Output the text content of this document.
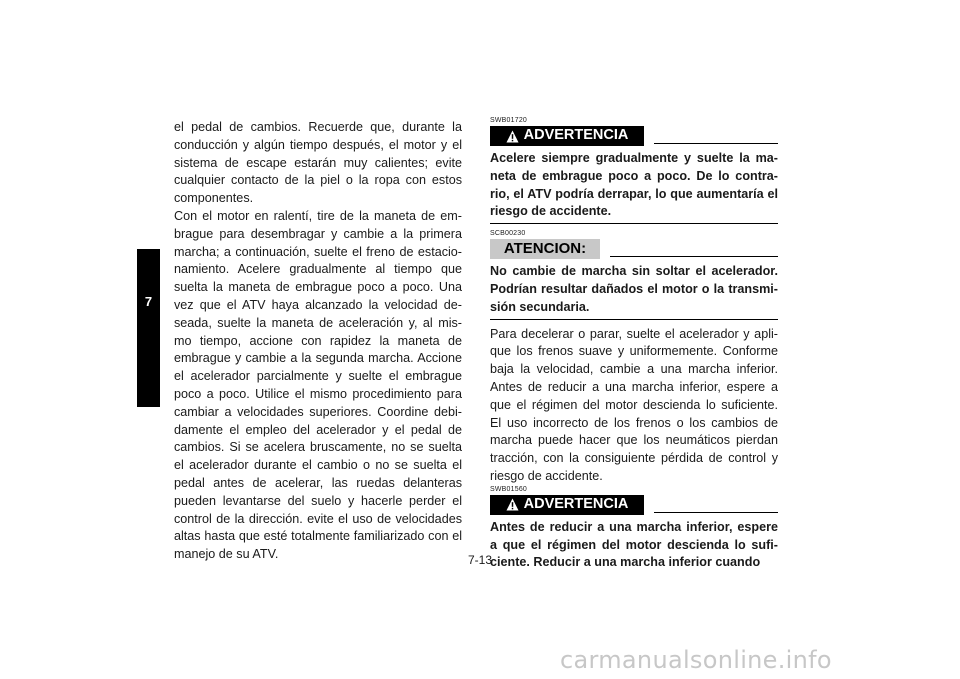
7

el pedal de cambios. Recuerde que, durante la conducción y algún tiempo después, el motor y el sistema de escape estarán muy calientes; evite cualquier contacto de la piel o la ropa con estos componentes.

Con el motor en ralentí, tire de la maneta de em-brague para desembragar y cambie a la primera marcha; a continuación, suelte el freno de estacio-namiento. Acelere gradualmente al tiempo que suelta la maneta de embrague poco a poco. Una vez que el ATV haya alcanzado la velocidad de-seada, suelte la maneta de aceleración y, al mis-mo tiempo, accione con rapidez la maneta de embrague y cambie a la segunda marcha. Accione el acelerador parcialmente y suelte el embrague poco a poco. Utilice el mismo procedimiento para cambiar a velocidades superiores. Coordine debi-damente el empleo del acelerador y el pedal de cambios. Si se acelera bruscamente, no se suelta el acelerador durante el cambio o no se suelta el pedal antes de acelerar, las ruedas delanteras pueden levantarse del suelo y hacerle perder el control de la dirección. evite el uso de velocidades altas hasta que esté totalmente familiarizado con el manejo de su ATV.

SWB01720
ADVERTENCIA

Acelere siempre gradualmente y suelte la ma-neta de embrague poco a poco. De lo contra-rio, el ATV podría derrapar, lo que aumentaría el riesgo de accidente.

SCB00230
ATENCION:

No cambie de marcha sin soltar el acelerador. Podrían resultar dañados el motor o la transmi-sión secundaria.

Para decelerar o parar, suelte el acelerador y apli-que los frenos suave y uniformemente. Conforme baja la velocidad, cambie a una marcha inferior. Antes de reducir a una marcha inferior, espere a que el régimen del motor descienda lo suficiente. El uso incorrecto de los frenos o los cambios de marcha puede hacer que los neumáticos pierdan tracción, con la consiguiente pérdida de control y riesgo de accidente.

SWB01560
ADVERTENCIA

Antes de reducir a una marcha inferior, espere a que el régimen del motor descienda lo sufi-ciente. Reducir a una marcha inferior cuando

7-13
carmanualsonline.info
